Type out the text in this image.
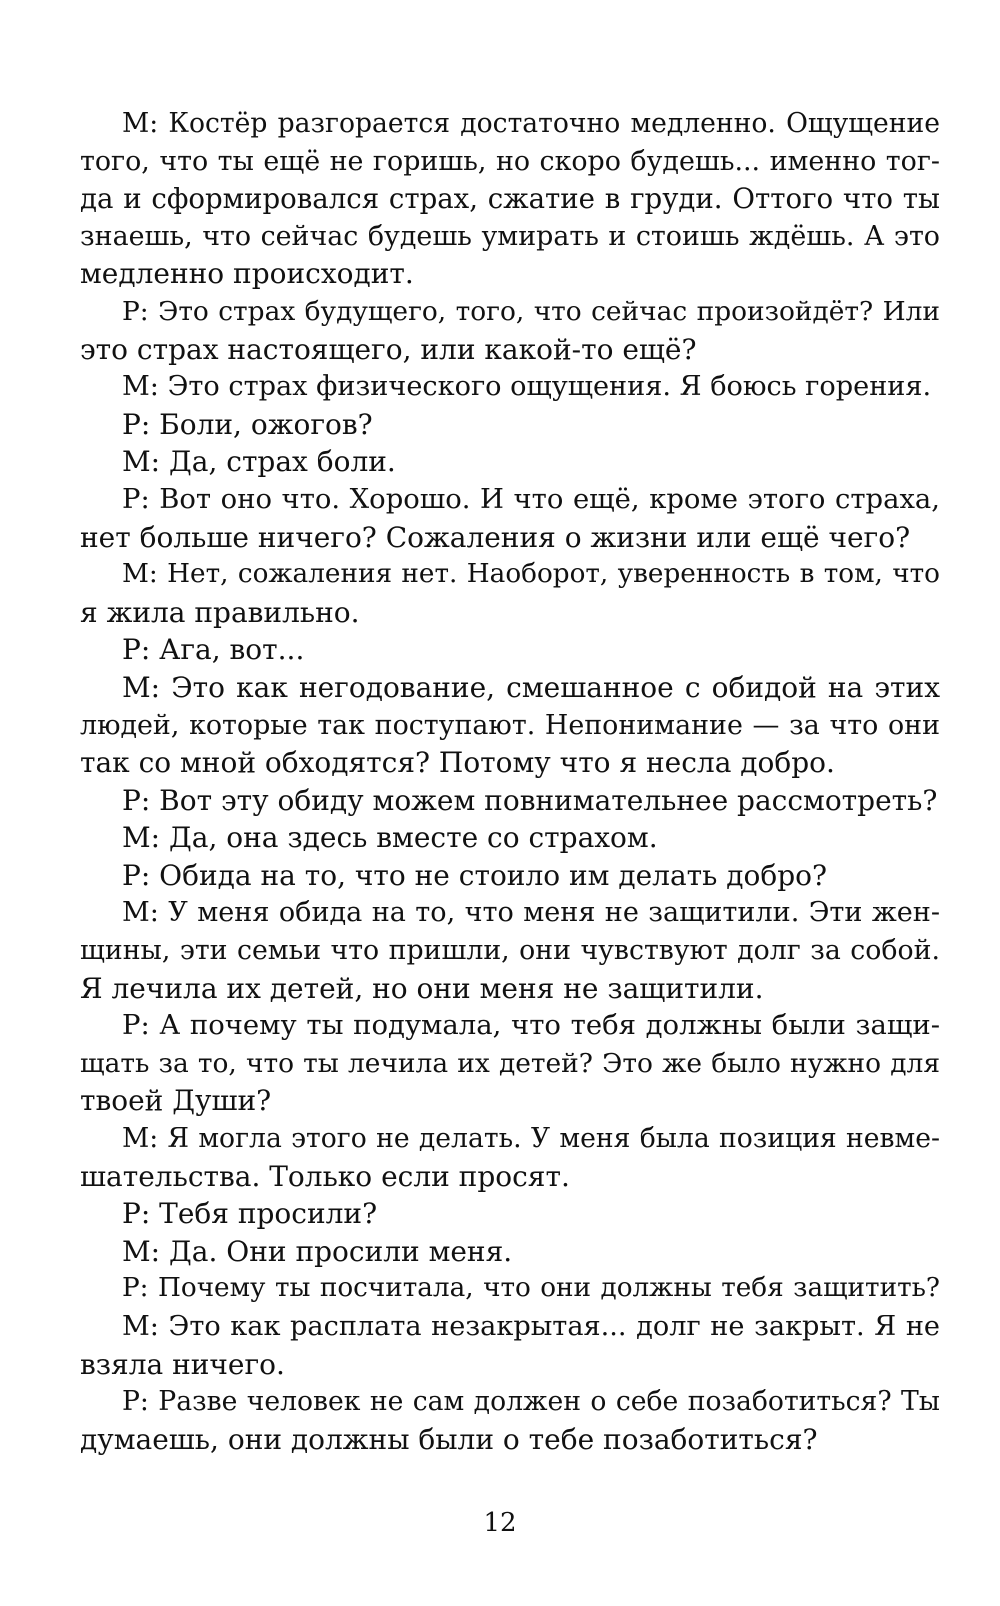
М: Костёр разгорается достаточно медленно. Ощущение
того, что ты ещё не горишь, но скоро будешь... именно тог-
да и сформировался страх, сжатие в груди. Оттого что ты
знаешь, что сейчас будешь умирать и стоишь ждёшь. А это
медленно происходит.
Р: Это страх будущего, того, что сейчас произойдёт? Или
это страх настоящего, или какой-то ещё?
М: Это страх физического ощущения. Я боюсь горения.
Р: Боли, ожогов?
М: Да, страх боли.
Р: Вот оно что. Хорошо. И что ещё, кроме этого страха,
нет больше ничего? Сожаления о жизни или ещё чего?
М: Нет, сожаления нет. Наоборот, уверенность в том, что
я жила правильно.
Р: Ага, вот...
М: Это как негодование, смешанное с обидой на этих
людей, которые так поступают. Непонимание — за что они
так со мной обходятся? Потому что я несла добро.
Р: Вот эту обиду можем повнимательнее рассмотреть?
М: Да, она здесь вместе со страхом.
Р: Обида на то, что не стоило им делать добро?
М: У меня обида на то, что меня не защитили. Эти жен-
щины, эти семьи что пришли, они чувствуют долг за собой.
Я лечила их детей, но они меня не защитили.
Р: А почему ты подумала, что тебя должны были защи-
щать за то, что ты лечила их детей? Это же было нужно для
твоей Души?
М: Я могла этого не делать. У меня была позиция невме-
шательства. Только если просят.
Р: Тебя просили?
М: Да. Они просили меня.
Р: Почему ты посчитала, что они должны тебя защитить?
М: Это как расплата незакрытая... долг не закрыт. Я не
взяла ничего.
Р: Разве человек не сам должен о себе позаботиться? Ты
думаешь, они должны были о тебе позаботиться?
12
